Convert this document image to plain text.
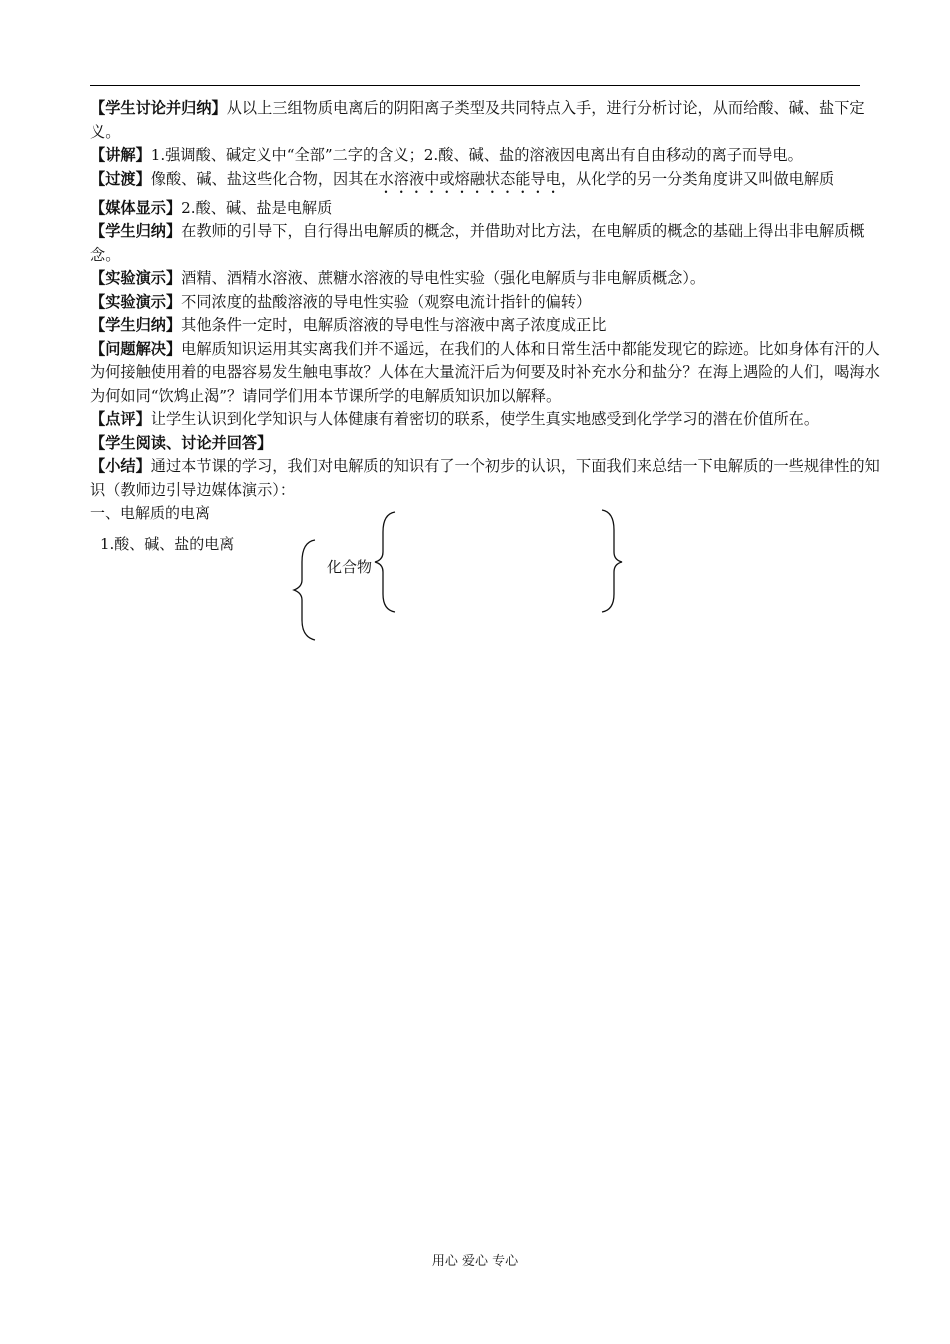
【学生讨论并归纳】从以上三组物质电离后的阴阳离子类型及共同特点入手，进行分析讨论，从而给酸、碱、盐下定义。

【讲解】1.强调酸、碱定义中“全部”二字的含义；2.酸、碱、盐的溶液因电离出有自由移动的离子而导电。

【过渡】像酸、碱、盐这些化合物，因其在水溶液中或熔融状态能导电，从化学的另一分类角度讲又叫做电解质

【媒体显示】2.酸、碱、盐是电解质

【学生归纳】在教师的引导下，自行得出电解质的概念，并借助对比方法，在电解质的概念的基础上得出非电解质概念。

【实验演示】酒精、酒精水溶液、蔗糖水溶液的导电性实验（强化电解质与非电解质概念）。

【实验演示】不同浓度的盐酸溶液的导电性实验（观察电流计指针的偏转）

【学生归纳】其他条件一定时，电解质溶液的导电性与溶液中离子浓度成正比

【问题解决】电解质知识运用其实离我们并不遥远，在我们的人体和日常生活中都能发现它的踪迹。比如身体有汗的人为何接触使用着的电器容易发生触电事故？人体在大量流汗后为何要及时补充水分和盐分？在海上遇险的人们，喝海水为何如同“饮鸩止渴”？请同学们用本节课所学的电解质知识加以解释。

【点评】让学生认识到化学知识与人体健康有着密切的联系，使学生真实地感受到化学学习的潜在价值所在。

【学生阅读、讨论并回答】

【小结】通过本节课的学习，我们对电解质的知识有了一个初步的认识，下面我们来总结一下电解质的一些规律性的知识（教师边引导边媒体演示）：

一、电解质的电离
1.酸、碱、盐的电离
化合物
用心 爱心 专心
